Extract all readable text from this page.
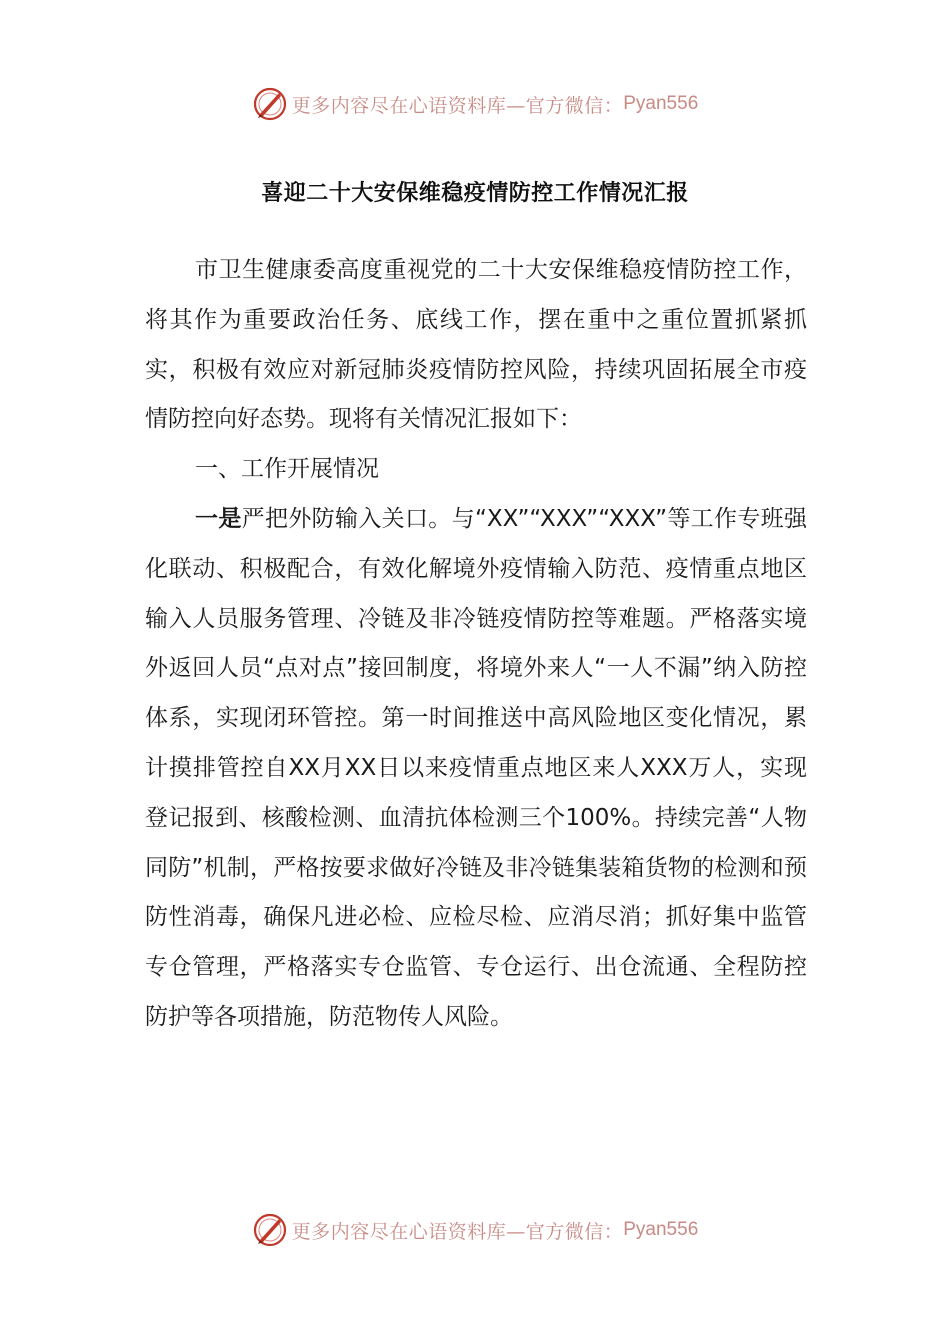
更多内容尽在心语资料库—官方微信： Pyan556
喜迎二十大安保维稳疫情防控工作情况汇报

市卫生健康委高度重视党的二十大安保维稳疫情防控工作，将其作为重要政治任务、底线工作，摆在重中之重位置抓紧抓实，积极有效应对新冠肺炎疫情防控风险，持续巩固拓展全市疫情防控向好态势。现将有关情况汇报如下：

一、工作开展情况

一是严把外防输入关口。与“XX”“XXX”“XXX”等工作专班强化联动、积极配合，有效化解境外疫情输入防范、疫情重点地区输入人员服务管理、冷链及非冷链疫情防控等难题。严格落实境外返回人员“点对点”接回制度，将境外来人“一人不漏”纳入防控体系，实现闭环管控。第一时间推送中高风险地区变化情况，累计摸排管控自XX月XX日以来疫情重点地区来人XXX万人，实现登记报到、核酸检测、血清抗体检测三个100%。持续完善“人物同防”机制，严格按要求做好冷链及非冷链集装箱货物的检测和预防性消毒，确保凡进必检、应检尽检、应消尽消；抓好集中监管专仓管理，严格落实专仓监管、专仓运行、出仓流通、全程防控防护等各项措施，防范物传人风险。

更多内容尽在心语资料库—官方微信： Pyan556
